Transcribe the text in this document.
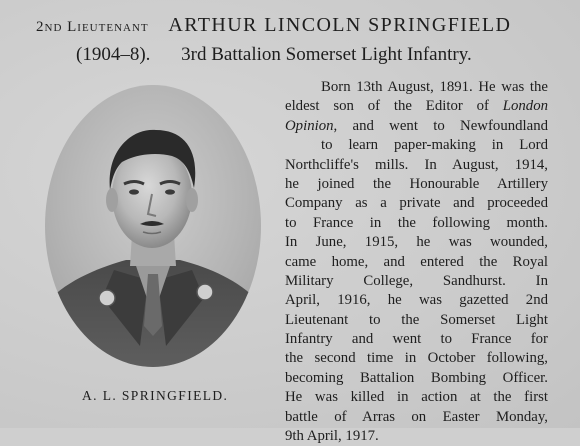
2nd Lieutenant ARTHUR LINCOLN SPRINGFIELD
(1904–8). 3rd Battalion Somerset Light Infantry.
A. L. SPRINGFIELD.
Born 13th August, 1891. He was the
eldest son of the Editor of London
Opinion, and went to Newfoundland
to learn paper-making in Lord
Northcliffe's mills. In August, 1914,
he joined the Honourable Artillery
Company as a private and proceeded
to France in the following month.
In June, 1915, he was wounded,
came home, and entered the Royal
Military College, Sandhurst. In
April, 1916, he was gazetted 2nd
Lieutenant to the Somerset Light
Infantry and went to France for
the second time in October following,
becoming Battalion Bombing Officer.
He was killed in action at the first
battle of Arras on Easter Monday,
9th April, 1917.
